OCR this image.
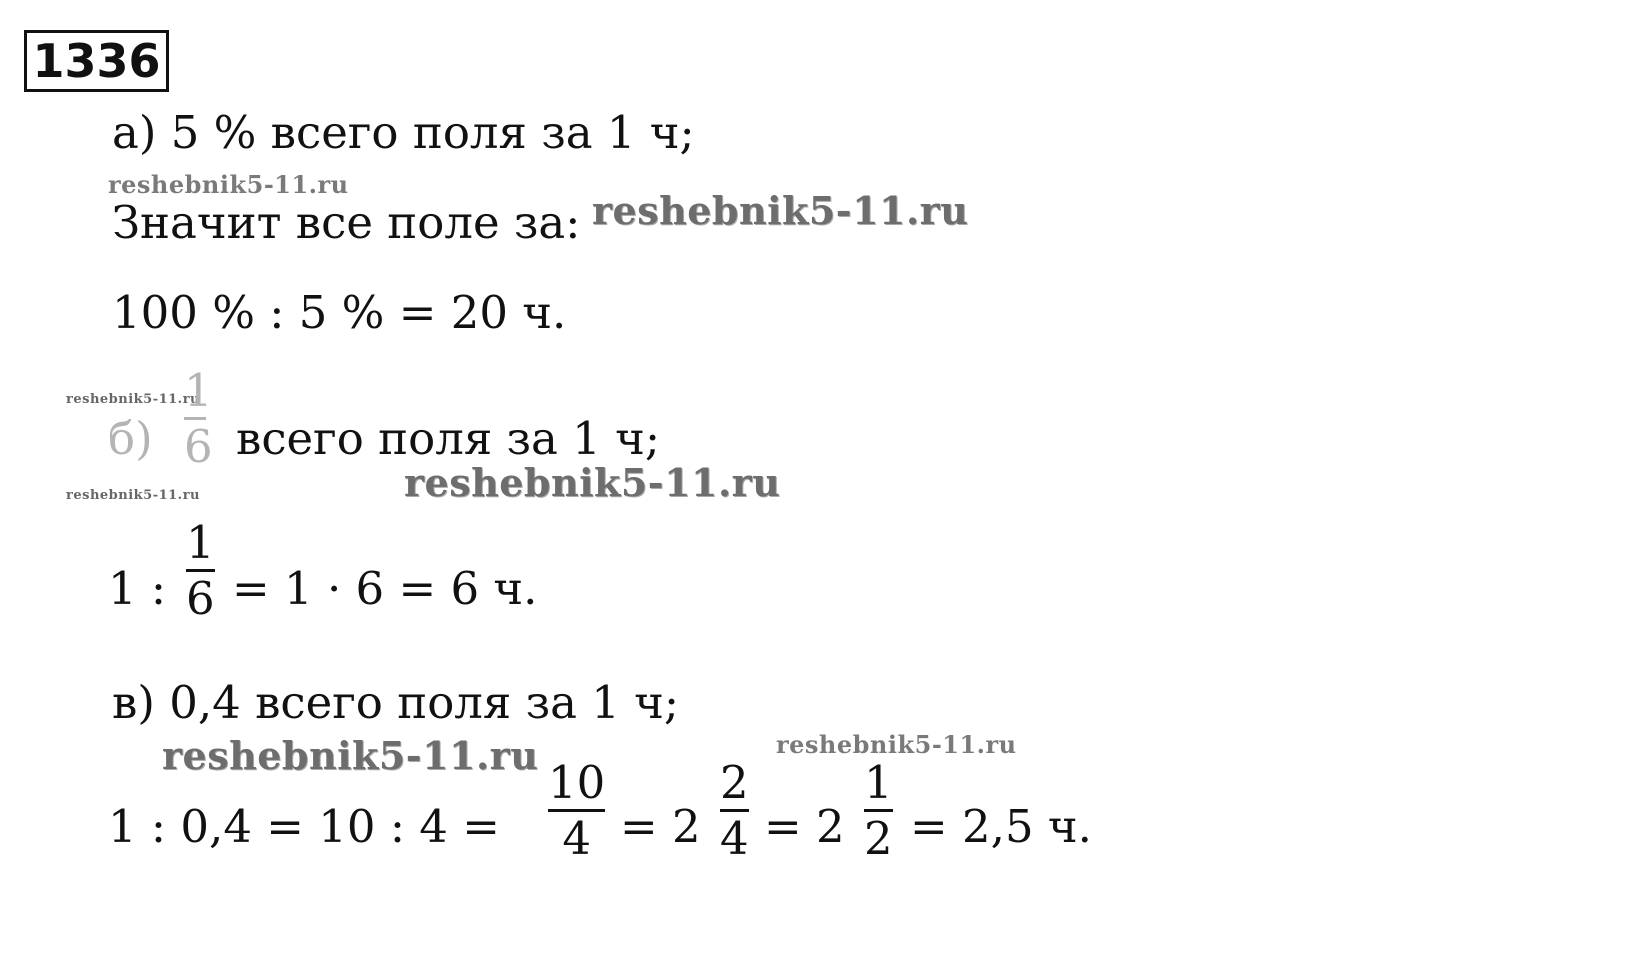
1336
а) 5 % всего поля за 1 ч;
reshebnik5-11.ru
Значит все поле за: reshebnik5-11.ru
100 % : 5 % = 20 ч.
reshebnik5-11.ru
б)
1
6 всего поля за 1 ч;
reshebnik5-11.ru	reshebnik5-11.ru
1 :
1
6 = 1 · 6 = 6 ч.
в) 0,4 всего поля за 1 ч;
reshebnik5-11.ru	reshebnik5-11.ru
1 : 0,4 = 10 : 4 =
10
4 = 2
2
4 = 2
1
2 = 2,5 ч.
